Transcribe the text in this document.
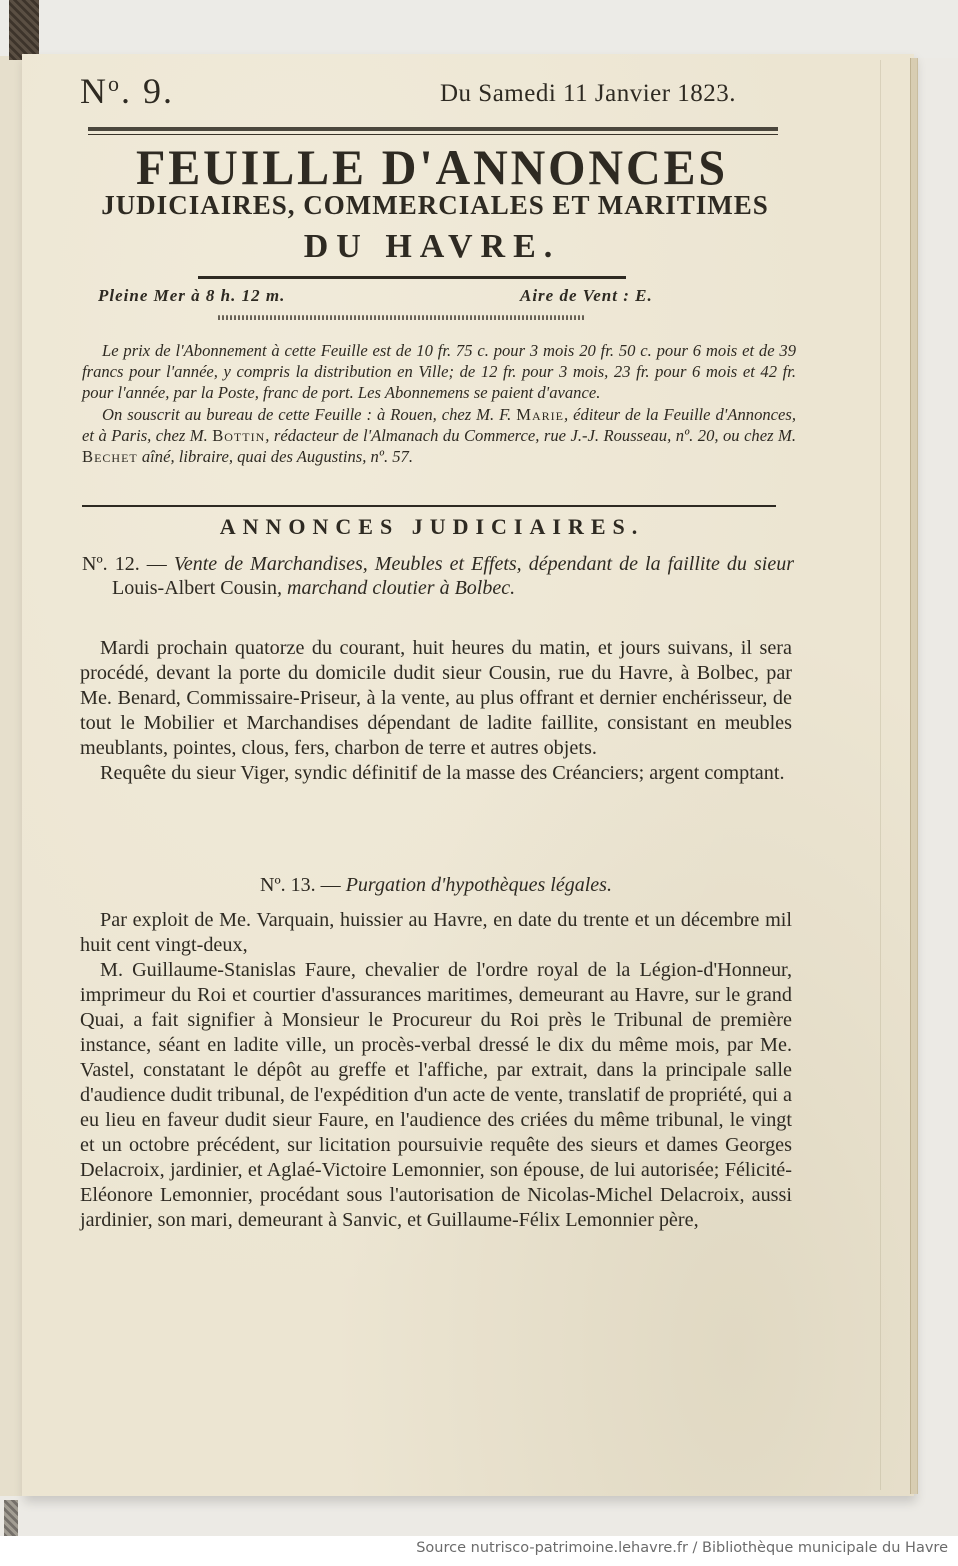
$N^o$. 9.	Du Samedi 11 Janvier 1823.
FEUILLE D'ANNONCES
JUDICIAIRES, COMMERCIALES ET MARITIMES
DU HAVRE.
Pleine Mer à 8 h. 12 m.	Aire de Vent : E.

Le prix de l'Abonnement à cette Feuille est de 10 fr. 75 c. pour 3 mois 20 fr. 50 c. pour 6 mois et de 39 francs pour l'année, y compris la distribution en Ville; de 12 fr. pour 3 mois, 23 fr. pour 6 mois et 42 fr. pour l'année, par la Poste, franc de port. Les Abonnemens se paient d'avance.

On souscrit au bureau de cette Feuille : à Rouen, chez M. F. Marie, éditeur de la Feuille d'Annonces, et à Paris, chez M. Bottin, rédacteur de l'Almanach du Commerce, rue J.-J. Rousseau, nº. 20, ou chez M. Bechet aîné, libraire, quai des Augustins, nº. 57.

ANNONCES JUDICIAIRES.
Nº. 12. — Vente de Marchandises, Meubles et Effets, dépendant de la faillite du sieur Louis-Albert Cousin, marchand cloutier à Bolbec.

Mardi prochain quatorze du courant, huit heures du matin, et jours suivans, il sera procédé, devant la porte du domicile dudit sieur Cousin, rue du Havre, à Bolbec, par Me. Benard, Commissaire-Priseur, à la vente, au plus offrant et dernier enchérisseur, de tout le Mobilier et Marchandises dépendant de ladite faillite, consistant en meubles meublants, pointes, clous, fers, charbon de terre et autres objets.

Requête du sieur Viger, syndic définitif de la masse des Créanciers; argent comptant.

Nº. 13. — Purgation d'hypothèques légales.

Par exploit de Me. Varquain, huissier au Havre, en date du trente et un décembre mil huit cent vingt-deux,

M. Guillaume-Stanislas Faure, chevalier de l'ordre royal de la Légion-d'Honneur, imprimeur du Roi et courtier d'assurances maritimes, demeurant au Havre, sur le grand Quai, a fait signifier à Monsieur le Procureur du Roi près le Tribunal de première instance, séant en ladite ville, un procès-verbal dressé le dix du même mois, par Me. Vastel, constatant le dépôt au greffe et l'affiche, par extrait, dans la principale salle d'audience dudit tribunal, de l'expédition d'un acte de vente, translatif de propriété, qui a eu lieu en faveur dudit sieur Faure, en l'audience des criées du même tribunal, le vingt et un octobre précédent, sur licitation poursuivie requête des sieurs et dames Georges Delacroix, jardinier, et Aglaé-Victoire Lemonnier, son épouse, de lui autorisée; Félicité-Eléonore Lemonnier, procédant sous l'autorisation de Nicolas-Michel Delacroix, aussi jardinier, son mari, demeurant à Sanvic, et Guillaume-Félix Lemonnier père,

Source nutrisco-patrimoine.lehavre.fr / Bibliothèque municipale du Havre
